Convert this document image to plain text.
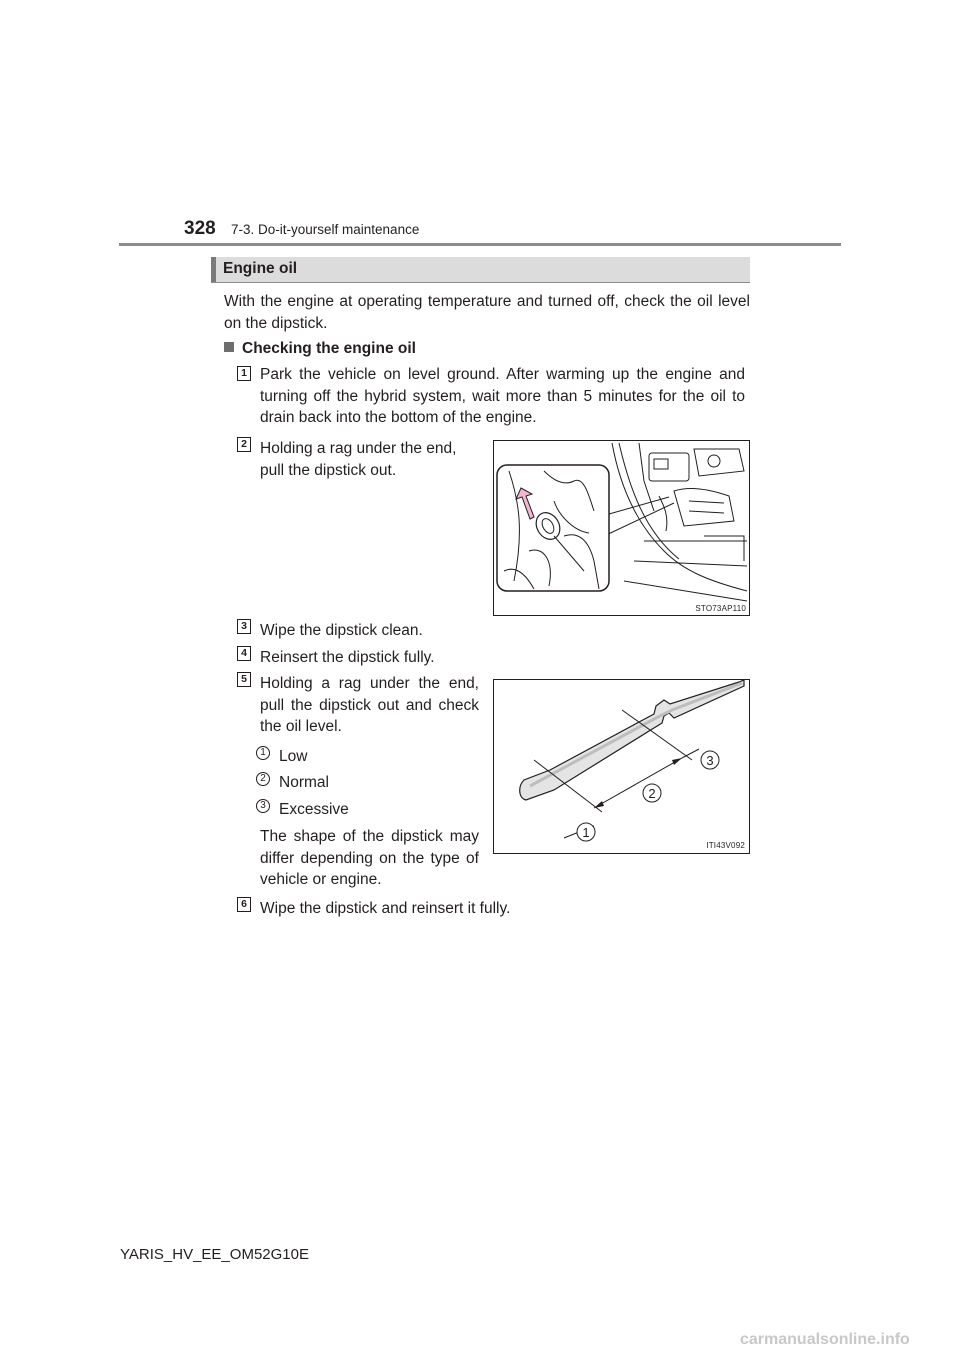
328 7-3. Do-it-yourself maintenance
Engine oil
With the engine at operating temperature and turned off, check the oil level on the dipstick.
Checking the engine oil
1 Park the vehicle on level ground. After warming up the engine and turning off the hybrid system, wait more than 5 minutes for the oil to drain back into the bottom of the engine.
2 Holding a rag under the end,
pull the dipstick out.
STO73AP110
3 Wipe the dipstick clean.
4 Reinsert the dipstick fully.
5 Holding a rag under the end, pull the dipstick out and check the oil level.
1 Low
2 Normal
3 Excessive
The shape of the dipstick may differ depending on the type of vehicle or engine.
1
2
3
ITI43V092
6 Wipe the dipstick and reinsert it fully.
YARIS_HV_EE_OM52G10E
carmanualsonline.info
